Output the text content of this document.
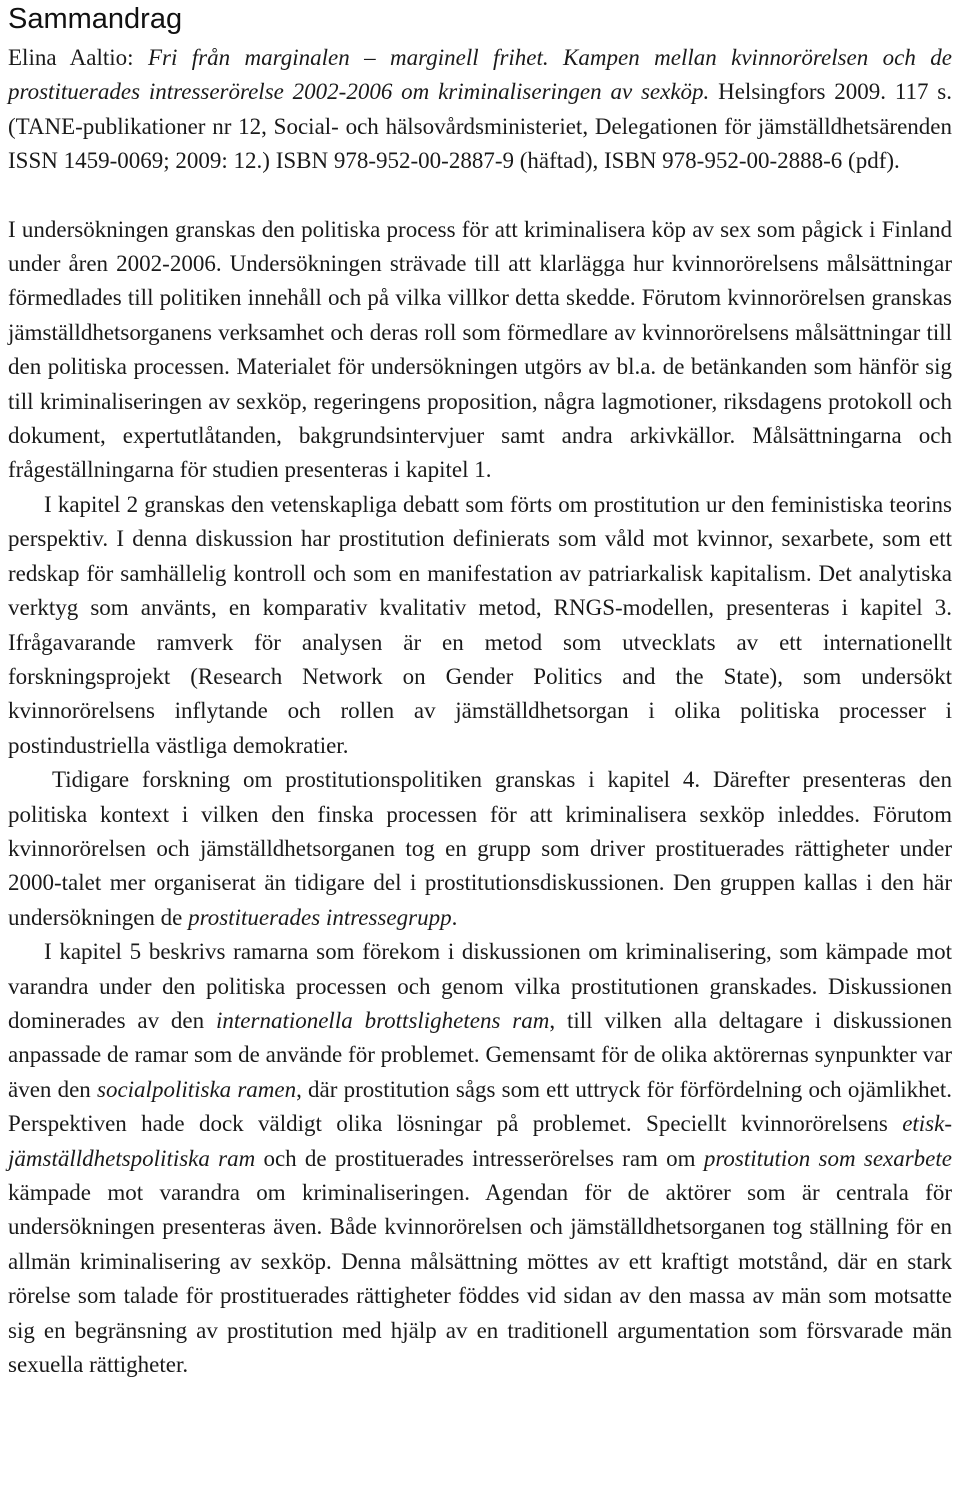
Sammandrag

Elina Aaltio: Fri från marginalen – marginell frihet. Kampen mellan kvinnorörelsen och de prostituerades intresserörelse 2002-2006 om kriminaliseringen av sexköp. Helsingfors 2009. 117 s. (TANE-publikationer nr 12, Social- och hälsovårdsministeriet, Delegationen för jämställdhetsärenden ISSN 1459-0069; 2009: 12.) ISBN 978-952-00-2887-9 (häftad), ISBN 978-952-00-2888-6 (pdf).

I undersökningen granskas den politiska process för att kriminalisera köp av sex som pågick i Finland under åren 2002-2006. Undersökningen strävade till att klarlägga hur kvinnorörelsens målsättningar förmedlades till politiken innehåll och på vilka villkor detta skedde. Förutom kvinnorörelsen granskas jämställdhetsorganens verksamhet och deras roll som förmedlare av kvinnorörelsens målsättningar till den politiska processen. Materialet för undersökningen utgörs av bl.a. de betänkanden som hänför sig till kriminaliseringen av sexköp, regeringens proposition, några lagmotioner, riksdagens protokoll och dokument, expertutlåtanden, bakgrundsintervjuer samt andra arkivkällor. Målsättningarna och frågeställningarna för studien presenteras i kapitel 1.

I kapitel 2 granskas den vetenskapliga debatt som förts om prostitution ur den feministiska teorins perspektiv. I denna diskussion har prostitution definierats som våld mot kvinnor, sexarbete, som ett redskap för samhällelig kontroll och som en manifestation av patriarkalisk kapitalism. Det analytiska verktyg som använts, en komparativ kvalitativ metod, RNGS-modellen, presenteras i kapitel 3. Ifrågavarande ramverk för analysen är en metod som utvecklats av ett internationellt forskningsprojekt (Research Network on Gender Politics and the State), som undersökt kvinnorörelsens inflytande och rollen av jämställdhetsorgan i olika politiska processer i postindustriella västliga demokratier.

Tidigare forskning om prostitutionspolitiken granskas i kapitel 4. Därefter presenteras den politiska kontext i vilken den finska processen för att kriminalisera sexköp inleddes. Förutom kvinnorörelsen och jämställdhetsorganen tog en grupp som driver prostituerades rättigheter under 2000-talet mer organiserat än tidigare del i prostitutionsdiskussionen. Den gruppen kallas i den här undersökningen de prostituerades intressegrupp.

I kapitel 5 beskrivs ramarna som förekom i diskussionen om kriminalisering, som kämpade mot varandra under den politiska processen och genom vilka prostitutionen granskades. Diskussionen dominerades av den internationella brottslighetens ram, till vilken alla deltagare i diskussionen anpassade de ramar som de använde för problemet. Gemensamt för de olika aktörernas synpunkter var även den socialpolitiska ramen, där prostitution sågs som ett uttryck för förfördelning och ojämlikhet. Perspektiven hade dock väldigt olika lösningar på problemet. Speciellt kvinnorörelsens etisk-jämställdhetspolitiska ram och de prostituerades intresserörelses ram om prostitution som sexarbete kämpade mot varandra om kriminaliseringen. Agendan för de aktörer som är centrala för undersökningen presenteras även. Både kvinnorörelsen och jämställdhetsorganen tog ställning för en allmän kriminalisering av sexköp. Denna målsättning möttes av ett kraftigt motstånd, där en stark rörelse som talade för prostituerades rättigheter föddes vid sidan av den massa av män som motsatte sig en begränsning av prostitution med hjälp av en traditionell argumentation som försvarade män sexuella rättigheter.
